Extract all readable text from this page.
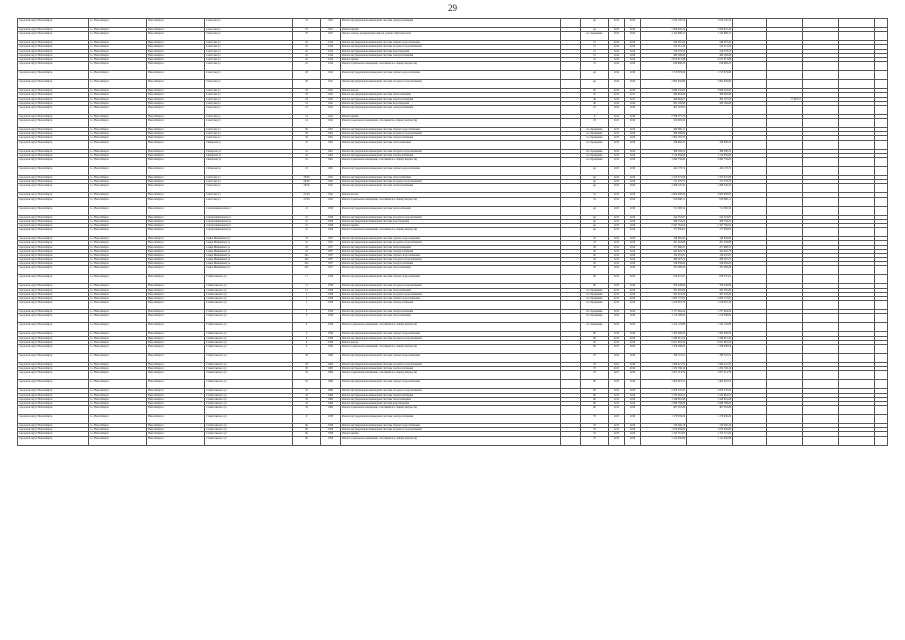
29
городской округ Новосибирск	г.о. Новосибирск	Новосибирск г	Советская ул	76	1927	Ремонт внутридомовой инженерной системы электроснабжения		ид	2015	2016	1 018 720,19	1 018 720,19					
городской округ Новосибирск	г.о. Новосибирск	Новосибирск г	Советская ул	76	1927	Ремонт крыши		ид	2015	2016	7 826 845,24	7 826 845,24					
городской округ Новосибирск	г.о. Новосибирск	Новосибирск г	Советская ул	76	1927	Ремонт, замена, модернизация лифтов, ремонт лифтовых шахт		по обращению	2015	2016	1 124 689,15	1 124 689,15					
городской округ Новосибирск	г.о. Новосибирск	Новосибирск г	Советская ул	22	1914	Ремонт внутридомовой инженерной системы горячего водоснабжения		15	2014	2016	548 397,42	548 397,42					
городской округ Новосибирск	г.о. Новосибирск	Новосибирск г	Советская ул	22	1914	Ремонт внутридомовой инженерной системы холодного водоснабжения		15	2014	2016	522 211,29	522 211,29					
городской округ Новосибирск	г.о. Новосибирск	Новосибирск г	Советская ул	22	1914	Ремонт внутридомовой инженерной системы водоотведения		15	2014	2016	316 578,55	316 578,55					
городской округ Новосибирск	г.о. Новосибирск	Новосибирск г	Советская ул	22	1914	Ремонт внутридомовой инженерной системы электроснабжения		15	2014	2016	460 168,96	460 168,96					
городской округ Новосибирск	г.о. Новосибирск	Новосибирск г	Советская ул	22	1914	Ремонт крыши		10	2015	2016	2 615 871,88	2 615 871,88					
городской округ Новосибирск	г.о. Новосибирск	Новосибирск г	Советская ул	22	1914	Ремонт подвальных помещений, относящихся к общему имуществу		15	2014	2016	618 868,45	618 868,45					
городской округ Новосибирск	г.о. Новосибирск	Новосибирск г	Советская ул	28	1941	Ремонт внутридомовой инженерной системы горячего водоснабжения		ид	2014	2016	1 713 879,90	1 713 879,90					
городской округ Новосибирск	г.о. Новосибирск	Новосибирск г	Советская ул	28	1941	Ремонт внутридомовой инженерной системы холодного водоснабжения		ид	2014	2016	1 962 856,86	1 962 856,86					
городской округ Новосибирск	г.о. Новосибирск	Новосибирск г	Советская ул	33	1941	Ремонт фасада		60	2014	2016	3 846 432,00	3 846 432,00					
городской округ Новосибирск	г.о. Новосибирск	Новосибирск г	Советская ул	33	1941	Ремонт внутридомовой инженерной системы теплоснабжения		22	2015	2017	368 993,98	368 993,98					
городской округ Новосибирск	г.о. Новосибирск	Новосибирск г	Советская ул	33	1941	Ремонт внутридомовой инженерной системы электроснабжения		40	2015	2017	469 863,07	392 197,50		77 665,57			
городской округ Новосибирск	г.о. Новосибирск	Новосибирск г	Советская ул	14	1941	Ремонт внутридомовой инженерной системы водоотведения		40	2014	2016	563 199,98	563 199,98					
городской округ Новосибирск	г.о. Новосибирск	Новосибирск г	Советская ул	14	1941	Ремонт внутридомовой инженерной системы электроснабжения		25	2015	2016	461 218,65						
городской округ Новосибирск	г.о. Новосибирск	Новосибирск г	Советская ул	14	1941	Ремонт крыши		0	2014	2016	2 786 075,75						
городской округ Новосибирск	г.о. Новосибирск	Новосибирск г	Советская ул	14	1941	Ремонт подвальных помещений, относящихся к общему имуществу		25	2015	2016	520 992,92						
городской округ Новосибирск	г.о. Новосибирск	Новосибирск г	Советская ул	56	1961	Ремонт внутридомовой инженерной системы горячего водоснабжения		по обращению	2015	2016	484 685,11						
городской округ Новосибирск	г.о. Новосибирск	Новосибирск г	Советская ул	56	1961	Ремонт внутридомовой инженерной системы холодного водоснабжения		по обращению	2015	2016	396 286,80						
городской округ Новосибирск	г.о. Новосибирск	Новосибирск г	Советская ул	56	1961	Ремонт внутридомовой инженерной системы электроснабжения		по обращению	2015	2016	1 302 165,35						
городской округ Новосибирск	г.о. Новосибирск	Новосибирск г	Сибирская ул	41	1961	Ремонт внутридомовой инженерной системы теплоснабжения		по обращению	2015	2016	786 668,23	786 668,23					
городской округ Новосибирск	г.о. Новосибирск	Новосибирск г	Сибирская ул	41	1961	Ремонт внутридомовой инженерной системы холодного водоснабжения		по обращению	2015	2016	398 306,23	398 306,23					
городской округ Новосибирск	г.о. Новосибирск	Новосибирск г	Сибирская ул	41	1961	Ремонт внутридомовой инженерной системы электроснабжения		по обращению	2015	2016	1 114 859,94	1 114 859,94					
городской округ Новосибирск	г.о. Новосибирск	Новосибирск г	Сибирская ул	41	1961	Ремонт подвальных помещений, относящихся к общему имуществу		по обращению	2015	2016	1 090 756,00	1 090 756,00					
городской округ Новосибирск	г.о. Новосибирск	Новосибирск г	Сибирская ул	25	1961	Ремонт внутридомовой инженерной системы горячего водоснабжения		ид	2015	2016	422 178,72	422 178,72					
городской округ Новосибирск	г.о. Новосибирск	Новосибирск г	Советская ул	28/26	1941	Ремонт внутридомовой инженерной системы теплоснабжения		ид	2014	2016	1 313 075,08	1 313 075,08					
городской округ Новосибирск	г.о. Новосибирск	Новосибирск г	Советская ул	28/26	1941	Ремонт внутридомовой инженерной системы холодного водоснабжения		ид	2015	2016	721 379,73	721 379,73					
городской округ Новосибирск	г.о. Новосибирск	Новосибирск г	Советская ул	28/26	1941	Ремонт внутридомовой инженерной системы электроснабжения		ид	2015	2016	1 268 520,43	1 268 520,43					
городской округ Новосибирск	г.о. Новосибирск	Новосибирск г	Советская ул	21/28	1941	Ремонт фасада		52	2015	2016	2 662 608,04	2 662 608,04					
городской округ Новосибирск	г.о. Новосибирск	Новосибирск г	Советская ул	21/28	1941	Ремонт подвальных помещений, относящихся к общему имуществу		52	2015	2016	818 686,11	818 686,11					
городской округ Новосибирск	г.о. Новосибирск	Новосибирск г	Серебренниковская ул	21	1956	Ремонт внутридомовой инженерной системы теплоснабжения		ид	2015	2016	711 000,52	711 000,52					
городской округ Новосибирск	г.о. Новосибирск	Новосибирск г	Серебренниковская ул	21	1956	Ремонт внутридомовой инженерной системы холодного водоснабжения		ид	2015	2016	414 353,87	414 353,87					
городской округ Новосибирск	г.о. Новосибирск	Новосибирск г	Серебренниковская ул	21	1956	Ремонт внутридомовой инженерной системы водоотведения		ид	2015	2016	568 734,22	568 734,22					
городской округ Новосибирск	г.о. Новосибирск	Новосибирск г	Серебренниковская ул	21	1956	Ремонт крыши		ид	2015	2016	2 197 764,04	2 197 764,04					
городской округ Новосибирск	г.о. Новосибирск	Новосибирск г	Серебренниковская ул	21	1956	Ремонт подвальных помещений, относящихся к общему имуществу		ид	2015	2016	177 930,62	177 930,62					
городской округ Новосибирск	г.о. Новосибирск	Новосибирск г	Семьи Шамшиных ул	19	1957	Ремонт внутридомовой инженерной системы горячего водоснабжения		22	2015	2016	148 684,60	148 684,60					
городской округ Новосибирск	г.о. Новосибирск	Новосибирск г	Семьи Шамшиных ул	19	1957	Ремонт внутридомовой инженерной системы холодного водоснабжения		22	2015	2016	291 564,68	291 564,68					
городской округ Новосибирск	г.о. Новосибирск	Новосибирск г	Семьи Шамшиных ул	19	1957	Ремонт внутридомовой инженерной системы теплоснабжения		30	2015	2016	477 698,31	477 698,31					
городской округ Новосибирск	г.о. Новосибирск	Новосибирск г	Семьи Шамшиных ул	19	1957	Ремонт внутридомовой инженерной системы электроснабжения		30	2015	2016	422 845,78	422 845,78					
городской округ Новосибирск	г.о. Новосибирск	Новосибирск г	Семьи Шамшиных ул	20а	1957	Ремонт внутридомовой инженерной системы горячего водоснабжения		50	2015	2016	156 455,81	156 455,81					
городской округ Новосибирск	г.о. Новосибирск	Новосибирск г	Семьи Шамшиных ул	20а	1957	Ремонт внутридомовой инженерной системы холодного водоснабжения		50	2015	2016	288 397,21	288 397,21					
городской округ Новосибирск	г.о. Новосибирск	Новосибирск г	Семьи Шамшиных ул	20а	1957	Ремонт внутридомовой инженерной системы электроснабжения		50	2015	2016	528 939,00	528 939,00					
городской округ Новосибирск	г.о. Новосибирск	Новосибирск г	Семьи Шамшиных ул	20а	1957	Ремонт внутридомовой инженерной системы теплоснабжения		50	2015	2016	781 068,28	781 068,28					
городской округ Новосибирск	г.о. Новосибирск	Новосибирск г	Станиславского ул	11	1958	Ремонт внутридомовой инженерной системы горячего водоснабжения		60	2015	2016	678 257,61	678 257,61					
городской округ Новосибирск	г.о. Новосибирск	Новосибирск г	Станиславского ул	11	1958	Ремонт внутридомовой инженерной системы холодного водоснабжения		60	2015	2016	760 446,80	760 446,80					
городской округ Новосибирск	г.о. Новосибирск	Новосибирск г	Станиславского ул	11	1958	Ремонт внутридомовой инженерной системы теплоснабжения		по обращению	2015	2016	782 595,69	782 595,69					
городской округ Новосибирск	г.о. Новосибирск	Новосибирск г	Станиславского ул	1	1958	Ремонт внутридомовой инженерной системы холодного водоснабжения		по обращению	2015	2016	567 323,20	567 323,20					
городской округ Новосибирск	г.о. Новосибирск	Новосибирск г	Станиславского ул	1	1958	Ремонт внутридомовой инженерной системы горячего водоснабжения		по обращению	2015	2016	1 003 775,61	1 003 775,61					
городской округ Новосибирск	г.о. Новосибирск	Новосибирск г	Станиславского ул	1	1958	Ремонт внутридомовой инженерной системы электроснабжения		по обращению	2015	2016	1 218 810,78	1 218 810,78					
городской округ Новосибирск	г.о. Новосибирск	Новосибирск г	Станиславского ул	3	1958	Ремонт внутридомовой инженерной системы электроснабжения		по обращению	2015	2016	1 757 064,24	1 757 064,24					
городской округ Новосибирск	г.о. Новосибирск	Новосибирск г	Станиславского ул	3	1958	Ремонт внутридомовой инженерной системы теплоснабжения		по обращению	2015	2016	1 113 308,92	1 113 308,92					
городской округ Новосибирск	г.о. Новосибирск	Новосибирск г	Станиславского ул	3	1958	Ремонт подвальных помещений, относящихся к общему имуществу		по обращению	2015	2016	1 122 143,80	1 122 143,80					
городской округ Новосибирск	г.о. Новосибирск	Новосибирск г	Станиславского ул	4	1959	Ремонт внутридомовой инженерной системы горячего водоснабжения		60	2014	2016	1 345 006,20	1 345 006,20					
городской округ Новосибирск	г.о. Новосибирск	Новосибирск г	Станиславского ул	4	1959	Ремонт внутридомовой инженерной системы холодного водоснабжения		60	2014	2016	1 348 015,22	1 348 015,22					
городской округ Новосибирск	г.о. Новосибирск	Новосибирск г	Станиславского ул	4	1959	Ремонт фасада		45	2015	2016	9 021 802,56	9 021 802,56					
городской округ Новосибирск	г.о. Новосибирск	Новосибирск г	Станиславского ул	4	1959	Ремонт подвальных помещений, относящихся к общему имуществу		60	2015	2016	1 708 008,63	1 708 008,63					
городской округ Новосибирск	г.о. Новосибирск	Новосибирск г	Станиславского ул	30	1960	Ремонт внутридомовой инженерной системы горячего водоснабжения		70	2015	2016	788 701,21	788 701,21					
городской округ Новосибирск	г.о. Новосибирск	Новосибирск г	Станиславского ул	30	1960	Ремонт внутридомовой инженерной системы холодного водоснабжения		70	2015	2016	1 586 221,55	1 586 221,55					
городской округ Новосибирск	г.о. Новосибирск	Новосибирск г	Станиславского ул	30	1960	Ремонт внутридомовой инженерной системы электроснабжения		70	2015	2016	1 474 796,16	1 474 796,16					
городской округ Новосибирск	г.о. Новосибирск	Новосибирск г	Станиславского ул	30	1960	Ремонт подвальных помещений, относящихся к общему имуществу		70	2015	2016	1 057 314,79	1 057 314,79					
городской округ Новосибирск	г.о. Новосибирск	Новосибирск г	Станиславского ул	32	1960	Ремонт внутридомовой инженерной системы горячего водоснабжения		60	2015	2016	1 404 061,52	1 404 061,52					
городской округ Новосибирск	г.о. Новосибирск	Новосибирск г	Станиславского ул	32	1960	Ремонт внутридомовой инженерной системы холодного водоснабжения		60	2015	2016	2 059 270,03	2 059 270,03					
городской округ Новосибирск	г.о. Новосибирск	Новосибирск г	Станиславского ул	32	1960	Ремонт внутридомовой инженерной системы электроснабжения		60	2015	2016	1 532 062,51	1 532 062,51					
городской округ Новосибирск	г.о. Новосибирск	Новосибирск г	Станиславского ул	32	1960	Ремонт внутридомовой инженерной системы теплоснабжения		60	2015	2016	1 548 881,98	1 548 881,98					
городской округ Новосибирск	г.о. Новосибирск	Новосибирск г	Станиславского ул	32	1960	Ремонт внутридомовой инженерной системы водоотведения		60	2015	2016	2 089 798,00	2 089 798,00					
городской округ Новосибирск	г.о. Новосибирск	Новосибирск г	Станиславского ул	32	1960	Ремонт подвальных помещений, относящихся к общему имуществу		60	2015	2016	467 516,89	467 516,89					
городской округ Новосибирск	г.о. Новосибирск	Новосибирск г	Станиславского ул	9	1958	Ремонт внутридомовой инженерной системы электроснабжения		70	2015	2016	1 179 939,29	1 179 939,29					
городской округ Новосибирск	г.о. Новосибирск	Новосибирск г	Станиславского ул	9в	1958	Ремонт внутридомовой инженерной системы горячего водоснабжения		70	2015	2016	729 260,16	729 260,16					
городской округ Новосибирск	г.о. Новосибирск	Новосибирск г	Станиславского ул	9в	1958	Ремонт внутридомовой инженерной системы холодного водоснабжения		70	2015	2016	1 074 659,60	1 074 659,60					
городской округ Новосибирск	г.о. Новосибирск	Новосибирск г	Станиславского ул	9в	1958	Ремонт крыши		70	2015	2016	1 152 715,63	1 152 715,63					
городской округ Новосибирск	г.о. Новосибирск	Новосибирск г	Станиславского ул	9в	1958	Ремонт подвальных помещений, относящихся к общему имуществу		70	2015	2016	1 122 956,88	1 122 956,88					
